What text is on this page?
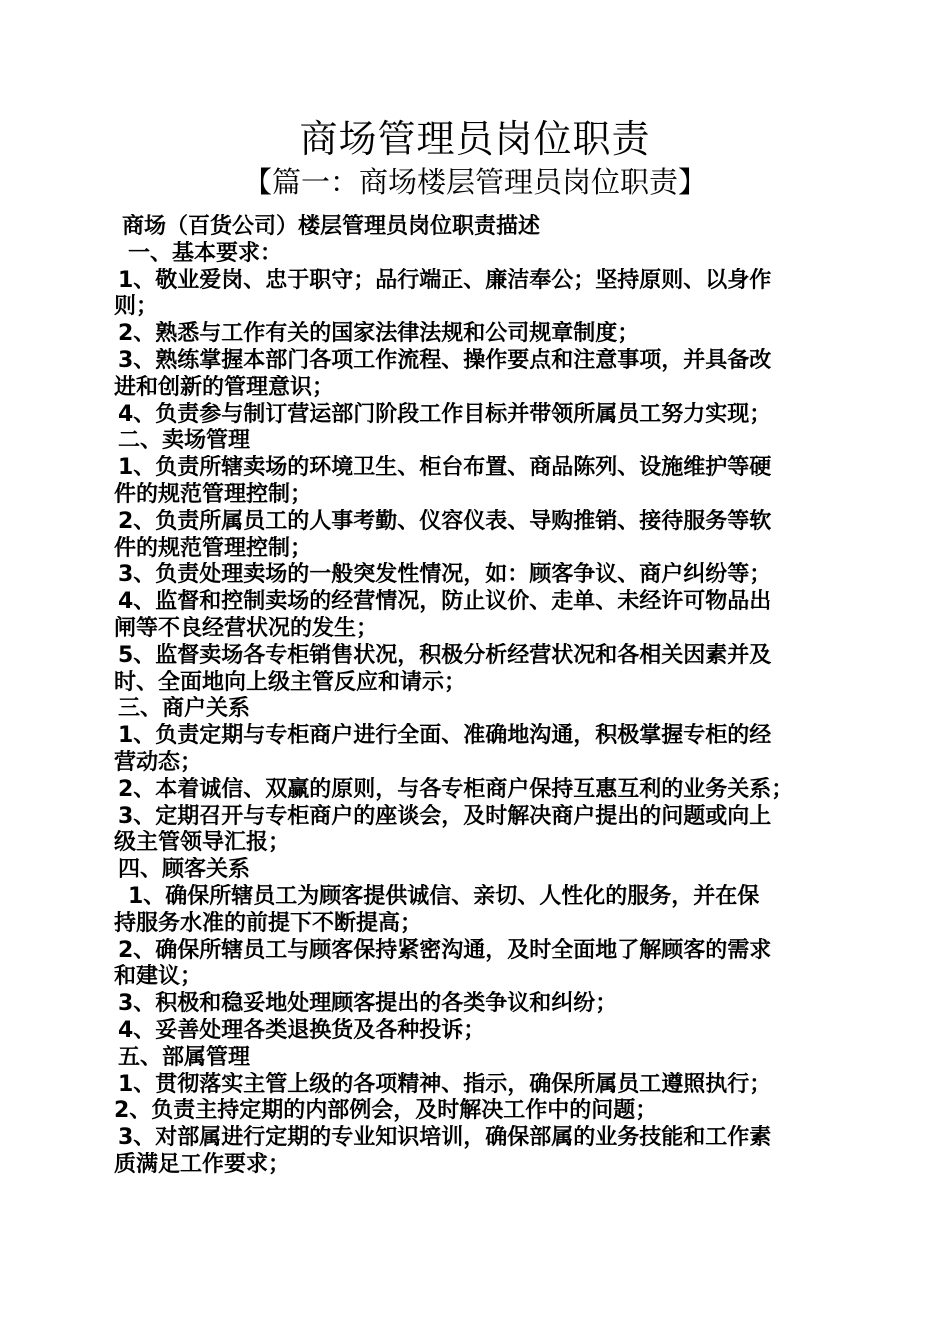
商场管理员岗位职责
【篇一：商场楼层管理员岗位职责】
商场（百货公司）楼层管理员岗位职责描述
一、基本要求：
1、敬业爱岗、忠于职守；品行端正、廉洁奉公；坚持原则、以身作
则；
2、熟悉与工作有关的国家法律法规和公司规章制度；
3、熟练掌握本部门各项工作流程、操作要点和注意事项，并具备改
进和创新的管理意识；
4、负责参与制订营运部门阶段工作目标并带领所属员工努力实现；
二、卖场管理
1、负责所辖卖场的环境卫生、柜台布置、商品陈列、设施维护等硬
件的规范管理控制；
2、负责所属员工的人事考勤、仪容仪表、导购推销、接待服务等软
件的规范管理控制；
3、负责处理卖场的一般突发性情况，如：顾客争议、商户纠纷等；
4、监督和控制卖场的经营情况，防止议价、走单、未经许可物品出
闸等不良经营状况的发生；
5、监督卖场各专柜销售状况，积极分析经营状况和各相关因素并及
时、全面地向上级主管反应和请示；
三、商户关系
1、负责定期与专柜商户进行全面、准确地沟通，积极掌握专柜的经
营动态；
2、本着诚信、双赢的原则，与各专柜商户保持互惠互利的业务关系；
3、定期召开与专柜商户的座谈会，及时解决商户提出的问题或向上
级主管领导汇报；
四、顾客关系
1、确保所辖员工为顾客提供诚信、亲切、人性化的服务，并在保
持服务水准的前提下不断提高；
2、确保所辖员工与顾客保持紧密沟通，及时全面地了解顾客的需求
和建议；
3、积极和稳妥地处理顾客提出的各类争议和纠纷；
4、妥善处理各类退换货及各种投诉；
五、部属管理
1、贯彻落实主管上级的各项精神、指示，确保所属员工遵照执行；
2、负责主持定期的内部例会，及时解决工作中的问题；
3、对部属进行定期的专业知识培训，确保部属的业务技能和工作素
质满足工作要求；
